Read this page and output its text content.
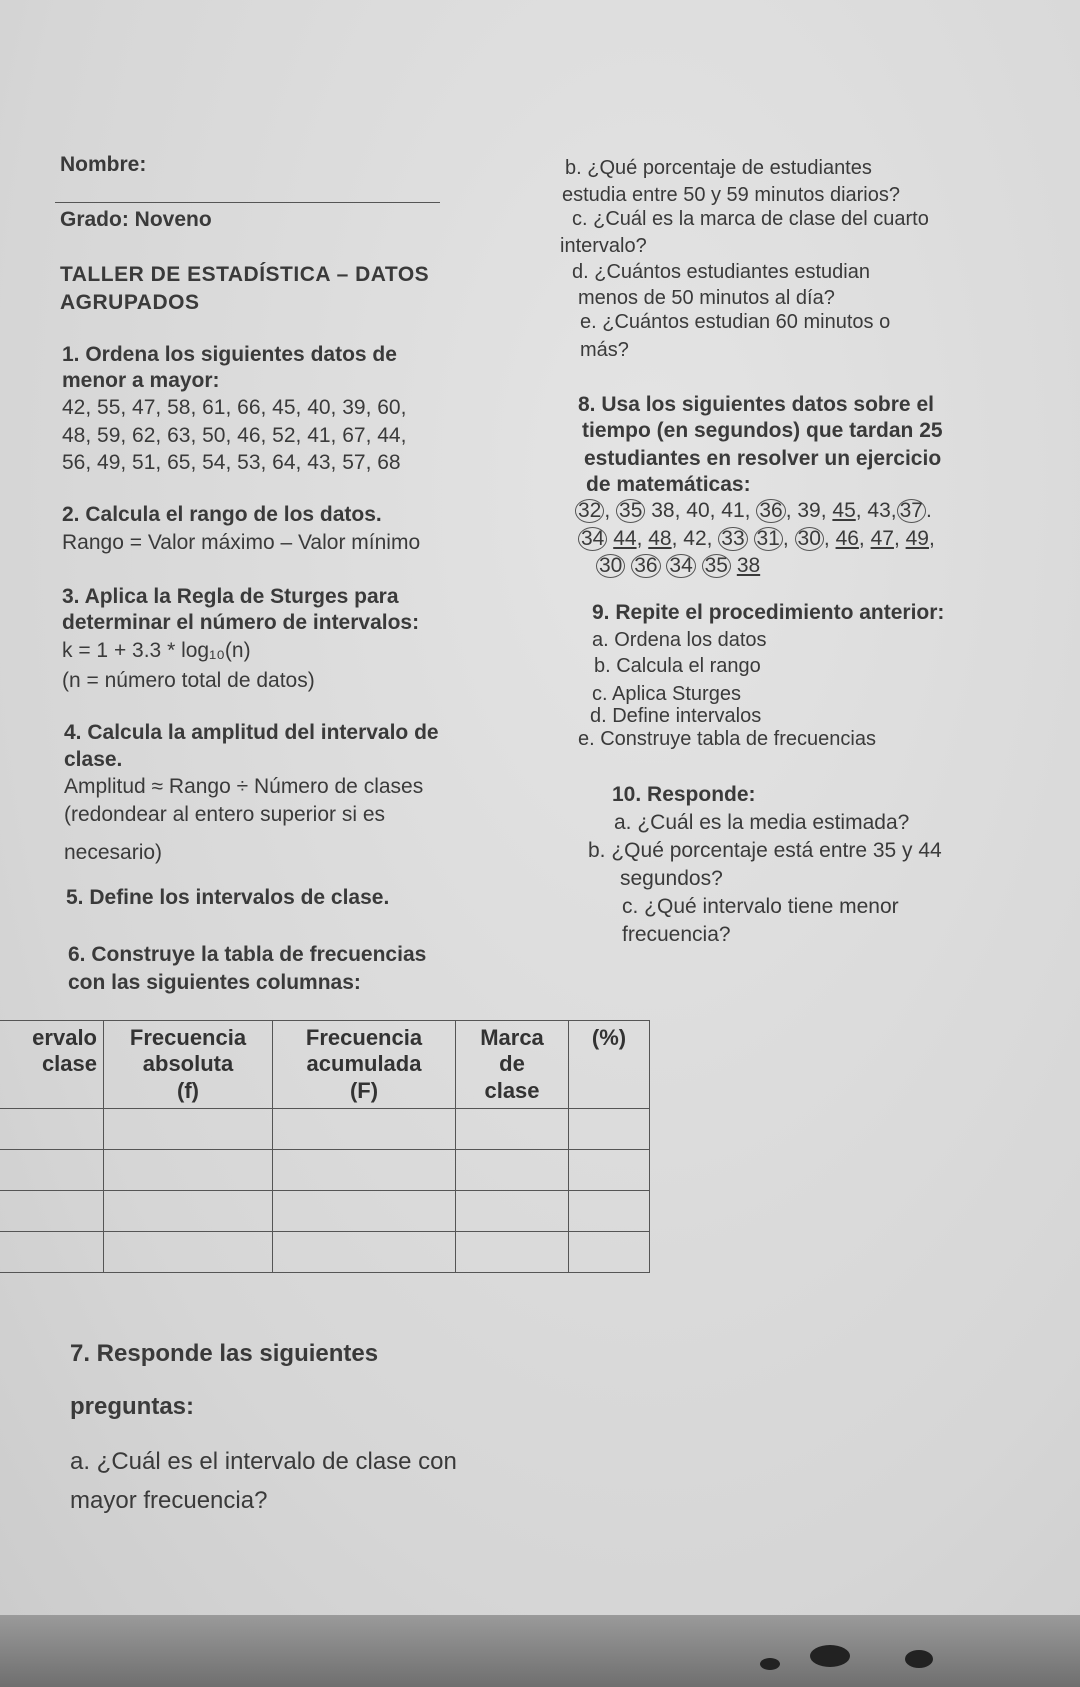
Nombre:
Grado: Noveno
TALLER DE ESTADÍSTICA – DATOS
AGRUPADOS
1. Ordena los siguientes datos de
menor a mayor:
42, 55, 47, 58, 61, 66, 45, 40, 39, 60,
48, 59, 62, 63, 50, 46, 52, 41, 67, 44,
56, 49, 51, 65, 54, 53, 64, 43, 57, 68
2. Calcula el rango de los datos.
Rango = Valor máximo – Valor mínimo
3. Aplica la Regla de Sturges para
determinar el número de intervalos:
k = 1 + 3.3 * log₁₀(n)
(n = número total de datos)
4. Calcula la amplitud del intervalo de
clase.
Amplitud ≈ Rango ÷ Número de clases
(redondear al entero superior si es
necesario)
5. Define los intervalos de clase.
6. Construye la tabla de frecuencias
con las siguientes columnas:
ervalo
clase	Frecuencia
absoluta
(f)	Frecuencia
acumulada
(F)	Marca
de
clase	(%)

7. Responde las siguientes
preguntas:
a. ¿Cuál es el intervalo de clase con
mayor frecuencia?
b. ¿Qué porcentaje de estudiantes
estudia entre 50 y 59 minutos diarios?
c. ¿Cuál es la marca de clase del cuarto
intervalo?
d. ¿Cuántos estudiantes estudian
menos de 50 minutos al día?
e. ¿Cuántos estudian 60 minutos o
más?
8. Usa los siguientes datos sobre el
tiempo (en segundos) que tardan 25
estudiantes en resolver un ejercicio
de matemáticas:
32 , 35 38, 40, 41, 36 , 39, 45, 43, 37 .
34 44, 48, 42, 33 31 , 30 , 46, 47, 49,
30 36 34 35 38
9. Repite el procedimiento anterior:
a. Ordena los datos
b. Calcula el rango
c. Aplica Sturges
d. Define intervalos
e. Construye tabla de frecuencias
10. Responde:
a. ¿Cuál es la media estimada?
b. ¿Qué porcentaje está entre 35 y 44
segundos?
c. ¿Qué intervalo tiene menor
frecuencia?
